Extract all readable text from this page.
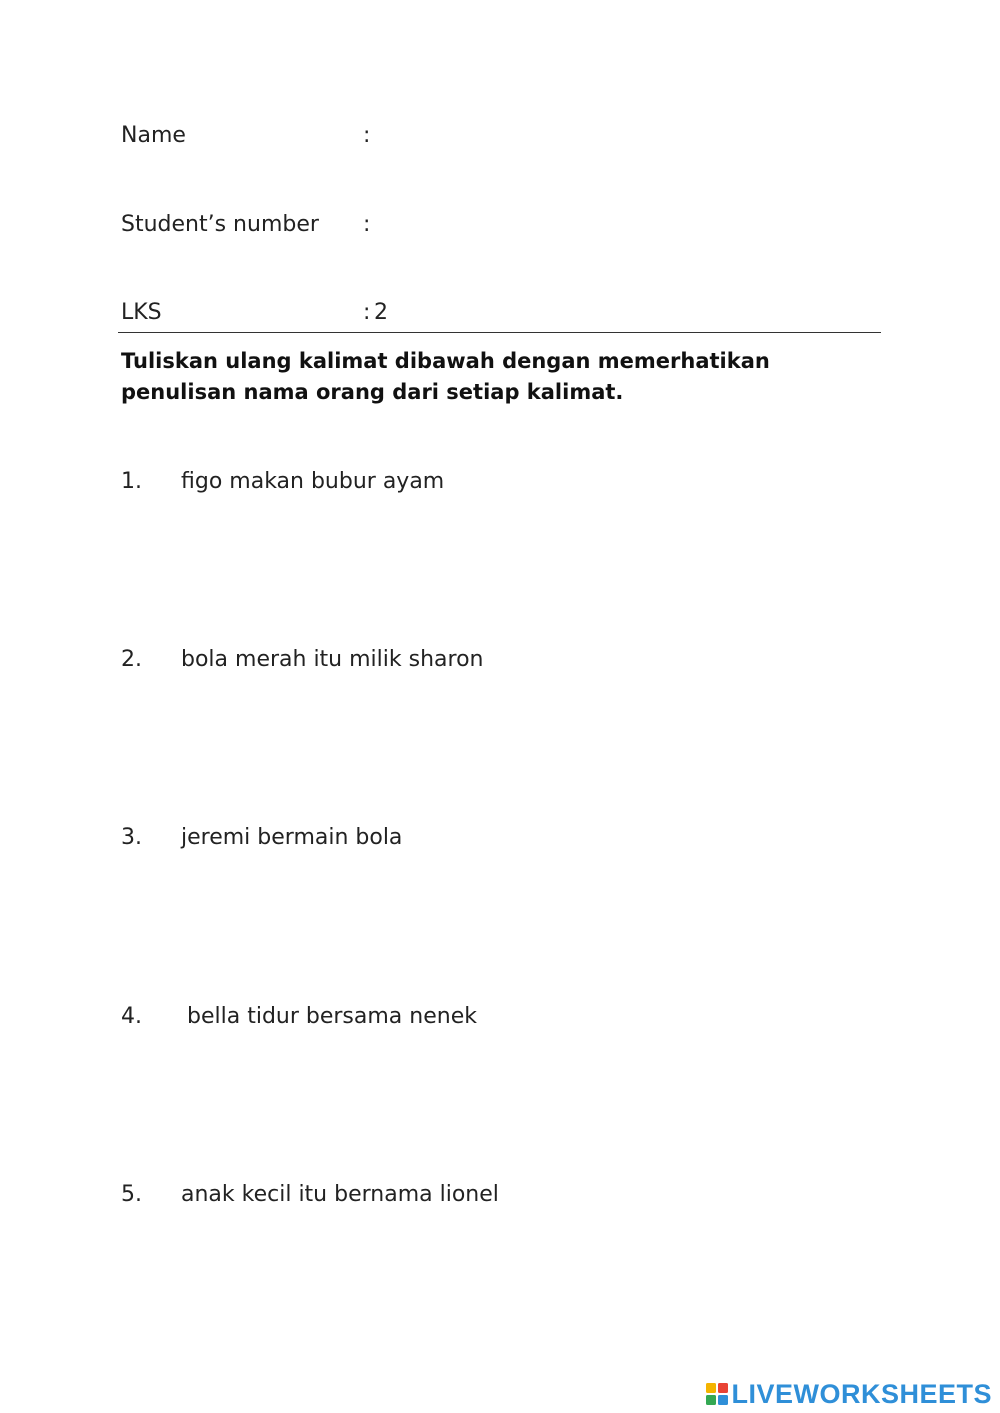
Name	:
Student’s number :
LKS	: 2
Tuliskan ulang kalimat dibawah dengan memerhatikan penulisan nama orang dari setiap kalimat.
1. figo makan bubur ayam
2. bola merah itu milik sharon
3. jeremi bermain bola
4. bella tidur bersama nenek
5. anak kecil itu bernama lionel
LIVEWORKSHEETS
